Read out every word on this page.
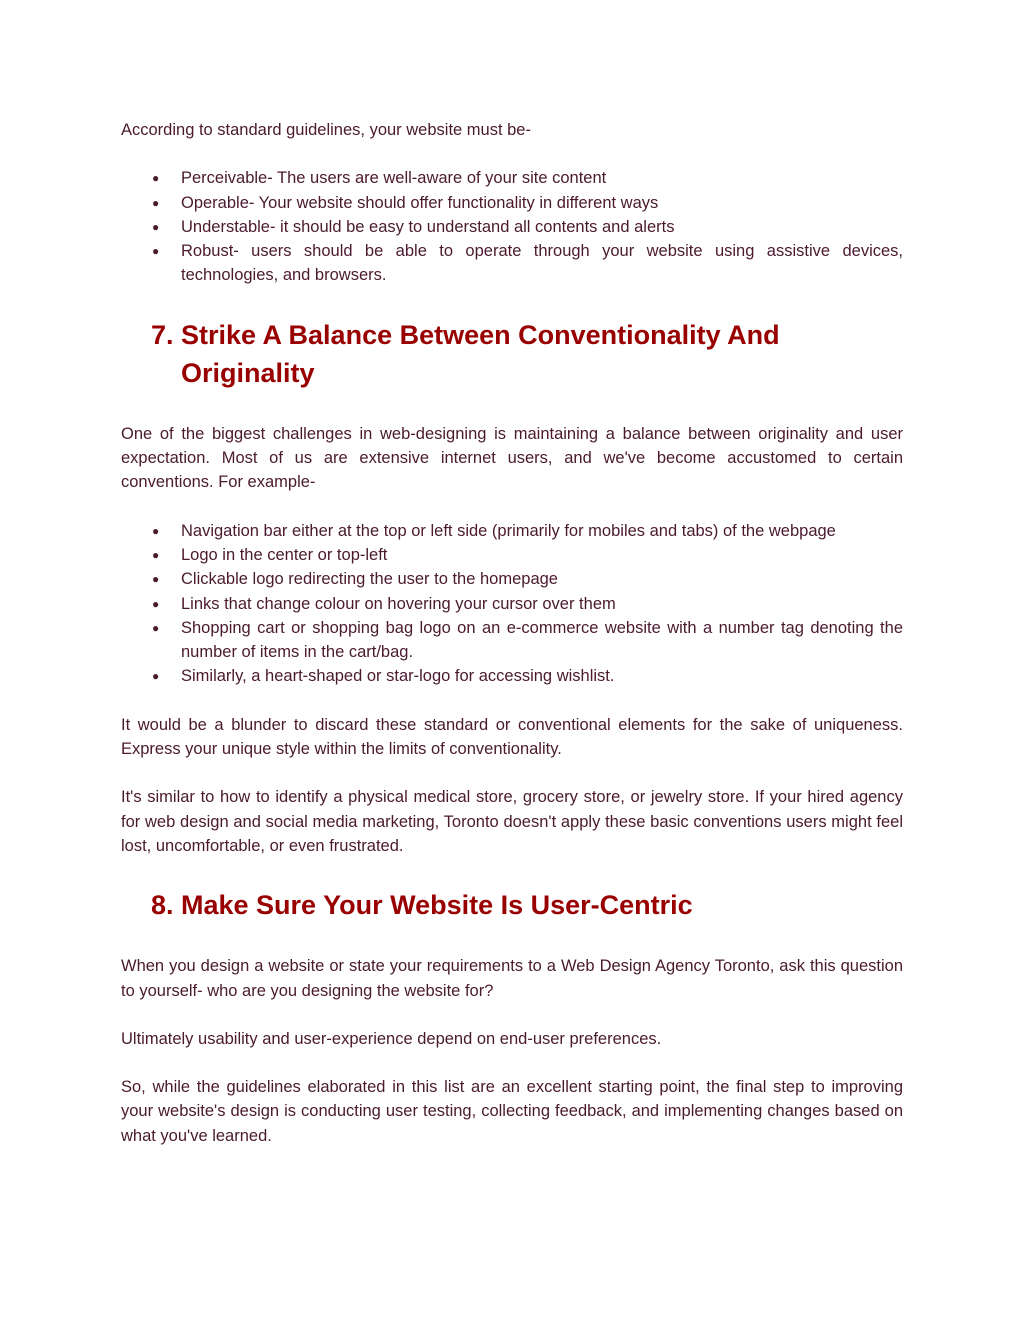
According to standard guidelines, your website must be-

● Perceivable- The users are well-aware of your site content
● Operable- Your website should offer functionality in different ways
● Understable- it should be easy to understand all contents and alerts
● Robust- users should be able to operate through your website using assistive devices, technologies, and browsers.
7. Strike A Balance Between Conventionality And Originality

One of the biggest challenges in web-designing is maintaining a balance between originality and user expectation. Most of us are extensive internet users, and we've become accustomed to certain conventions. For example-

● Navigation bar either at the top or left side (primarily for mobiles and tabs) of the webpage
● Logo in the center or top-left
● Clickable logo redirecting the user to the homepage
● Links that change colour on hovering your cursor over them
● Shopping cart or shopping bag logo on an e-commerce website with a number tag denoting the number of items in the cart/bag.
● Similarly, a heart-shaped or star-logo for accessing wishlist.

It would be a blunder to discard these standard or conventional elements for the sake of uniqueness. Express your unique style within the limits of conventionality.

It's similar to how to identify a physical medical store, grocery store, or jewelry store. If your hired agency for web design and social media marketing, Toronto doesn't apply these basic conventions users might feel lost, uncomfortable, or even frustrated.

8. Make Sure Your Website Is User-Centric

When you design a website or state your requirements to a Web Design Agency Toronto, ask this question to yourself- who are you designing the website for?

Ultimately usability and user-experience depend on end-user preferences.

So, while the guidelines elaborated in this list are an excellent starting point, the final step to improving your website's design is conducting user testing, collecting feedback, and implementing changes based on what you've learned.
